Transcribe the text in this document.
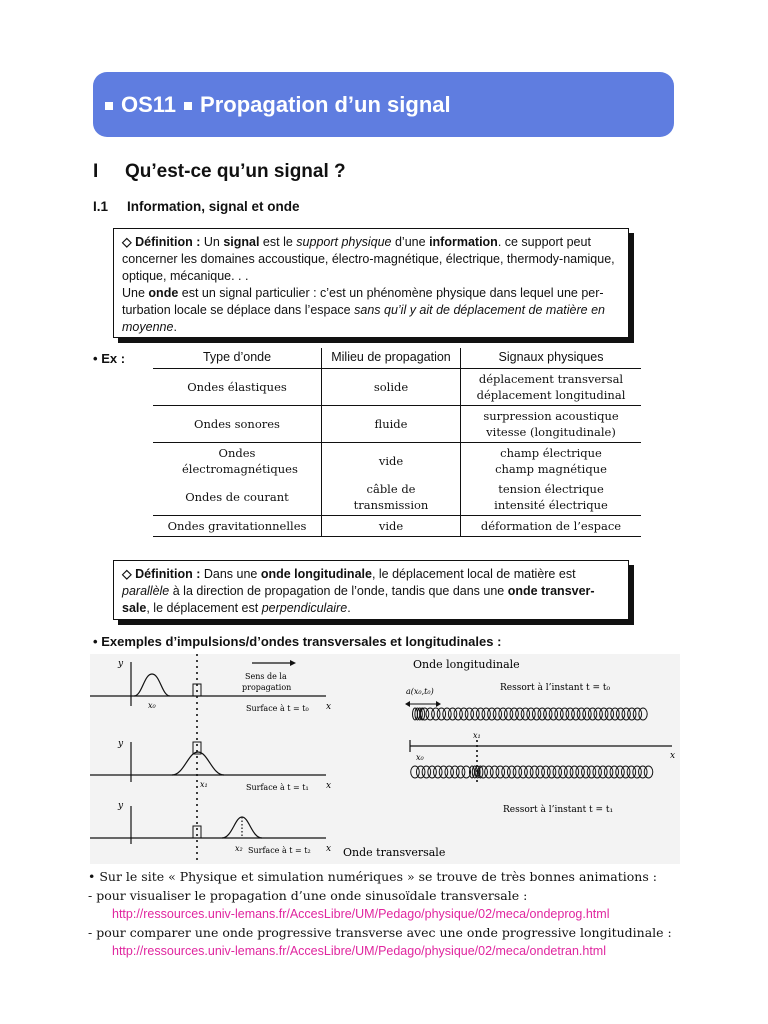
OS11 Propagation d’un signal
I Qu’est-ce qu’un signal ?
I.1 Information, signal et onde
◇ Définition : Un signal est le support physique d’une information. ce support peut concerner les domaines accoustique, électro-magnétique, électrique, thermody-namique, optique, mécanique. . .
Une onde est un signal particulier : c’est un phénomène physique dans lequel une per-turbation locale se déplace dans l’espace sans qu’il y ait de déplacement de matière en moyenne.
• Ex :	Type d’onde	Milieu de propagation	Signaux physiques
Ondes élastiques	solide	déplacement transversal
déplacement longitudinal
Ondes sonores	fluide	surpression acoustique
vitesse (longitudinale)
Ondes électromagnétiques	vide	champ électrique
champ magnétique
Ondes de courant	câble de transmission	tension électrique
intensité électrique
Ondes gravitationnelles	vide	déformation de l’espace
◇ Définition : Dans une onde longitudinale, le déplacement local de matière est parallèle à la direction de propagation de l’onde, tandis que dans une onde transver-sale, le déplacement est perpendiculaire.
• Exemples d’impulsions/d’ondes transversales et longitudinales :
y
x₀
Sens de la
propagation
Surface à t = t₀ x
y
x₁	Surface à t = t₁ x
y
x₂ Surface à t = t₂ x Onde transversale
Onde longitudinale
a(x₀,t₀)	Ressort à l’instant t = t₀
x₀
x₁
x
Ressort à l’instant t = t₁
• Sur le site « Physique et simulation numériques » se trouve de très bonnes animations :
- pour visualiser le propagation d’une onde sinusoïdale transversale :
http://ressources.univ-lemans.fr/AccesLibre/UM/Pedago/physique/02/meca/ondeprog.html
- pour comparer une onde progressive transverse avec une onde progressive longitudinale :
http://ressources.univ-lemans.fr/AccesLibre/UM/Pedago/physique/02/meca/ondetran.html
